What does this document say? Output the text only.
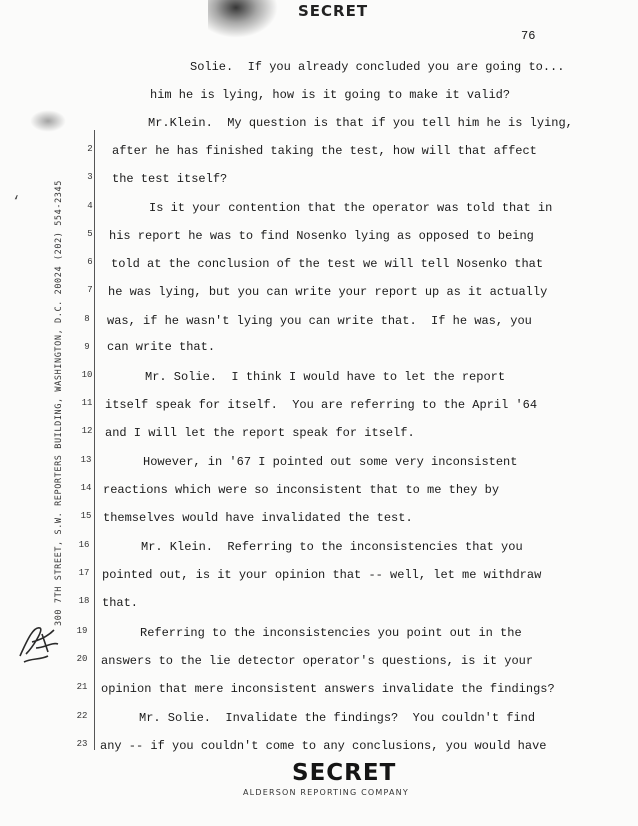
SECRET
76
‘	300 7TH STREET, S.W. REPORTERS BUILDING, WASHINGTON, D.C. 20024 (202) 554-2345
2
3
4
5
6
7
8
9
10
11
12
13
14
15
16
17
18
19
20
21
22
23
Solie.  If you already concluded you are going to...
him he is lying, how is it going to make it valid?
Mr.Klein.  My question is that if you tell him he is lying,
after he has finished taking the test, how will that affect
the test itself?
Is it your contention that the operator was told that in
his report he was to find Nosenko lying as opposed to being
told at the conclusion of the test we will tell Nosenko that
he was lying, but you can write your report up as it actually
was, if he wasn't lying you can write that.  If he was, you
can write that.
Mr. Solie.  I think I would have to let the report
itself speak for itself.  You are referring to the April '64
and I will let the report speak for itself.
However, in '67 I pointed out some very inconsistent
reactions which were so inconsistent that to me they by
themselves would have invalidated the test.
Mr. Klein.  Referring to the inconsistencies that you
pointed out, is it your opinion that -- well, let me withdraw
that.
Referring to the inconsistencies you point out in the
answers to the lie detector operator's questions, is it your
opinion that mere inconsistent answers invalidate the findings?
Mr. Solie.  Invalidate the findings?  You couldn't find
any -- if you couldn't come to any conclusions, you would have
SECRET
ALDERSON REPORTING COMPANY
